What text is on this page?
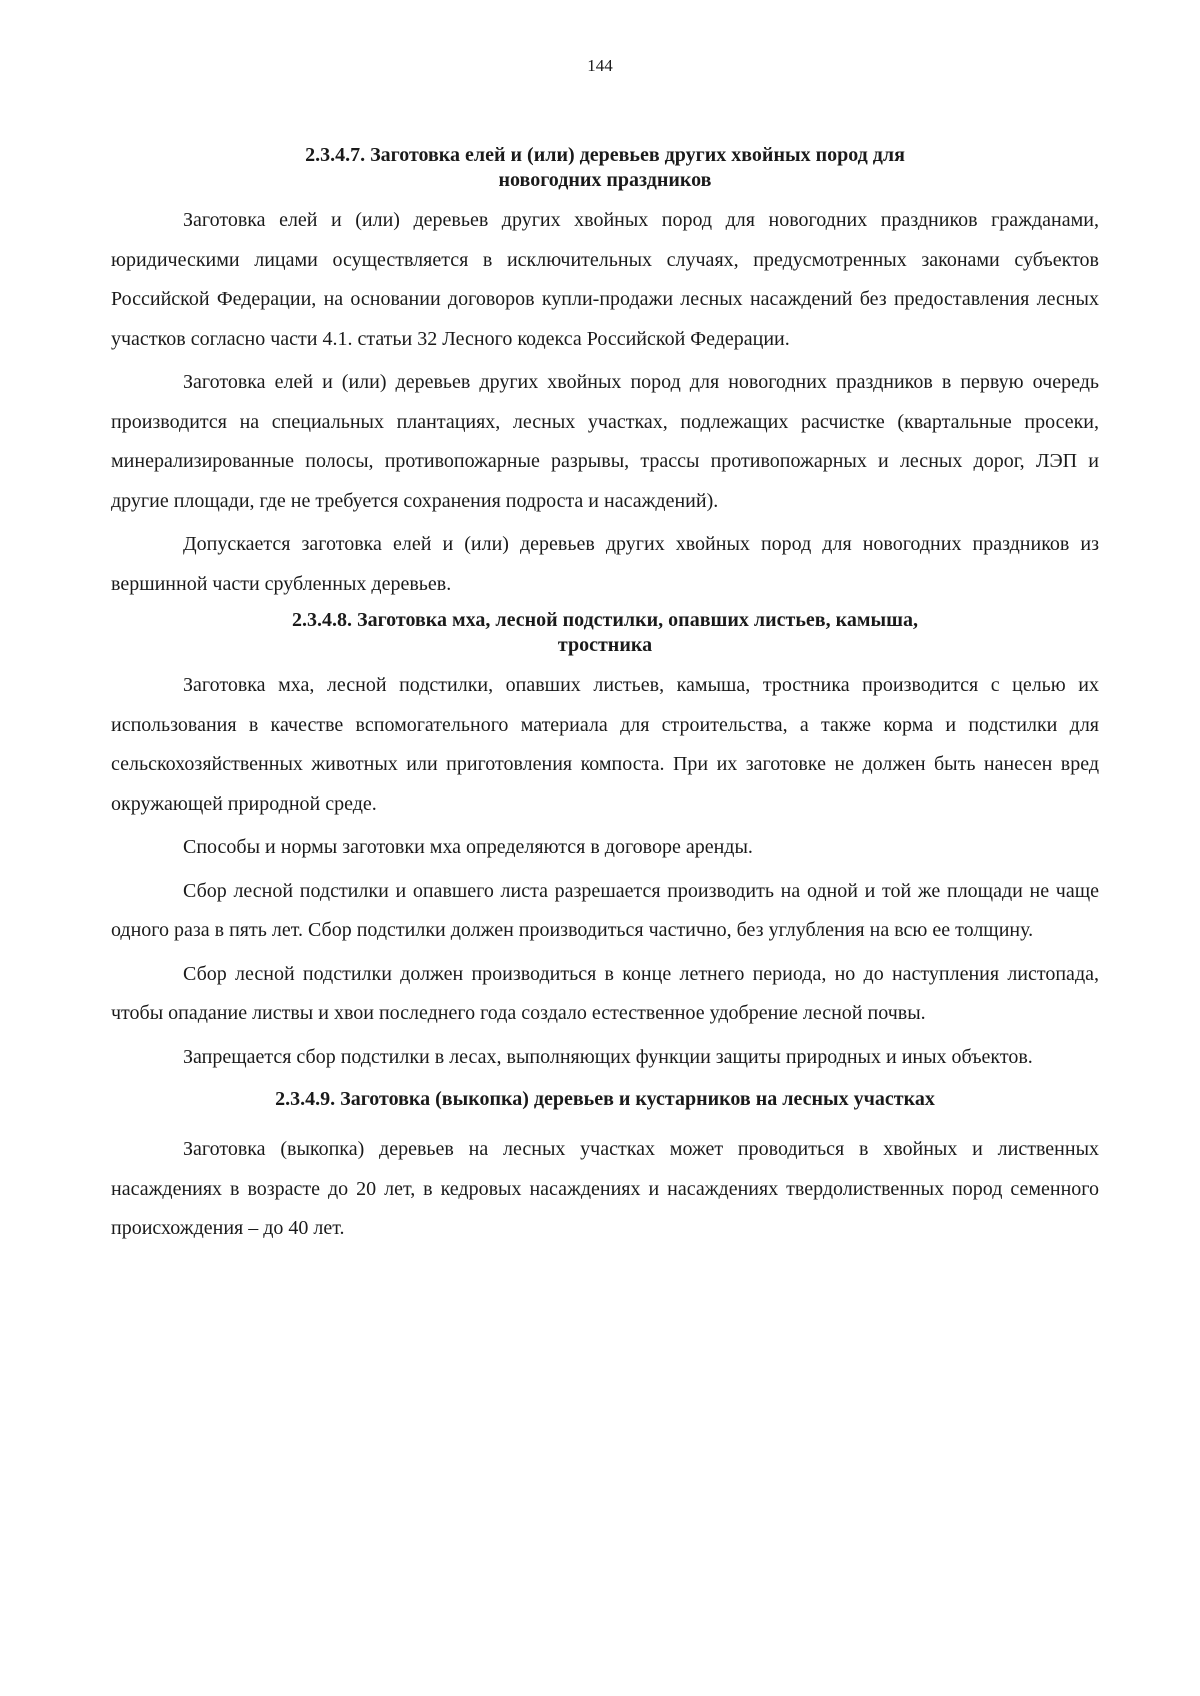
144
2.3.4.7. Заготовка елей и (или) деревьев других хвойных пород для
новогодних праздников

Заготовка елей и (или) деревьев других хвойных пород для новогодних праздников гражданами, юридическими лицами осуществляется в исключительных случаях, предусмотренных законами субъектов Российской Федерации, на основании договоров купли-продажи лесных насаждений без предоставления лесных участков согласно части 4.1. статьи 32 Лесного кодекса Российской Федерации.

Заготовка елей и (или) деревьев других хвойных пород для новогодних праздников в первую очередь производится на специальных плантациях, лесных участках, подлежащих расчистке (квартальные просеки, минерализированные полосы, противопожарные разрывы, трассы противопожарных и лесных дорог, ЛЭП и другие площади, где не требуется сохранения подроста и насаждений).

Допускается заготовка елей и (или) деревьев других хвойных пород для новогодних праздников из вершинной части срубленных деревьев.

2.3.4.8. Заготовка мха, лесной подстилки, опавших листьев, камыша,
тростника

Заготовка мха, лесной подстилки, опавших листьев, камыша, тростника производится с целью их использования в качестве вспомогательного материала для строительства, а также корма и подстилки для сельскохозяйственных животных или приготовления компоста. При их заготовке не должен быть нанесен вред окружающей природной среде.

Способы и нормы заготовки мха определяются в договоре аренды.

Сбор лесной подстилки и опавшего листа разрешается производить на одной и той же площади не чаще одного раза в пять лет. Сбор подстилки должен производиться частично, без углубления на всю ее толщину.

Сбор лесной подстилки должен производиться в конце летнего периода, но до наступления листопада, чтобы опадание листвы и хвои последнего года создало естественное удобрение лесной почвы.

Запрещается сбор подстилки в лесах, выполняющих функции защиты природных и иных объектов.

2.3.4.9. Заготовка (выкопка) деревьев и кустарников на лесных участках

Заготовка (выкопка) деревьев на лесных участках может проводиться в хвойных и лиственных насаждениях в возрасте до 20 лет, в кедровых насаждениях и насаждениях твердолиственных пород семенного происхождения – до 40 лет.
